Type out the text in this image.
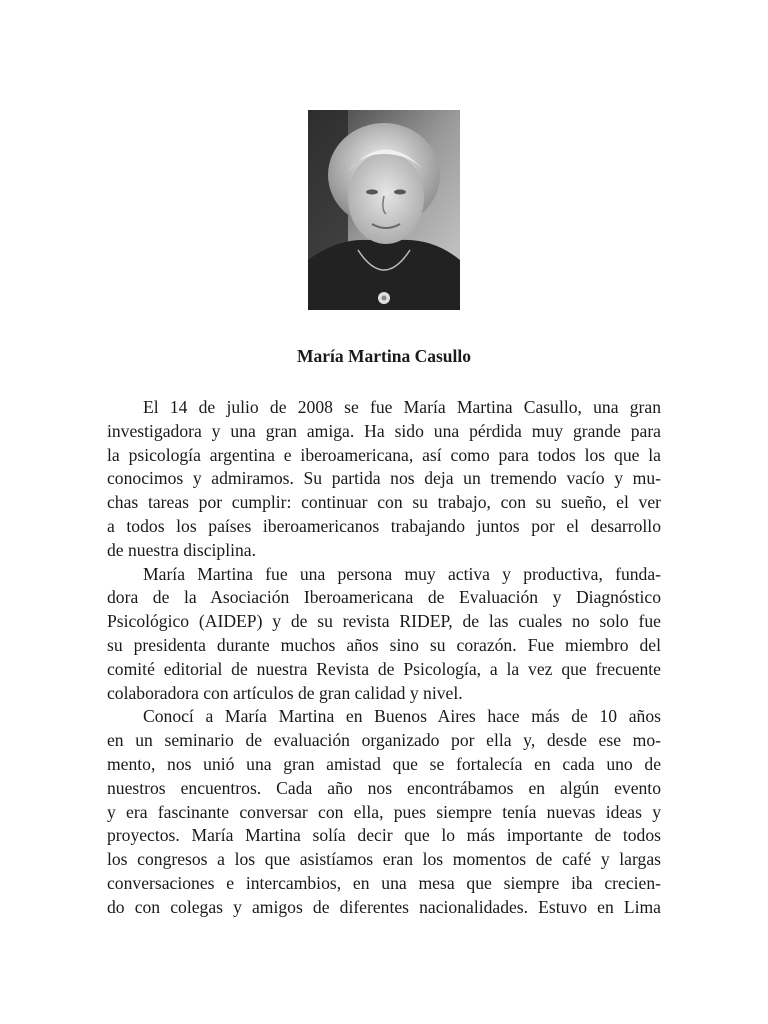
María Martina Casullo
El 14 de julio de 2008 se fue María Martina Casullo, una gran
investigadora y una gran amiga. Ha sido una pérdida muy grande para
la psicología argentina e iberoamericana, así como para todos los que la
conocimos y admiramos. Su partida nos deja un tremendo vacío y mu-
chas tareas por cumplir: continuar con su trabajo, con su sueño, el ver
a todos los países iberoamericanos trabajando juntos por el desarrollo
de nuestra disciplina.
María Martina fue una persona muy activa y productiva, funda-
dora de la Asociación Iberoamericana de Evaluación y Diagnóstico
Psicológico (AIDEP) y de su revista RIDEP, de las cuales no solo fue
su presidenta durante muchos años sino su corazón. Fue miembro del
comité editorial de nuestra Revista de Psicología, a la vez que frecuente
colaboradora con artículos de gran calidad y nivel.
Conocí a María Martina en Buenos Aires hace más de 10 años
en un seminario de evaluación organizado por ella y, desde ese mo-
mento, nos unió una gran amistad que se fortalecía en cada uno de
nuestros encuentros. Cada año nos encontrábamos en algún evento
y era fascinante conversar con ella, pues siempre tenía nuevas ideas y
proyectos. María Martina solía decir que lo más importante de todos
los congresos a los que asistíamos eran los momentos de café y largas
conversaciones e intercambios, en una mesa que siempre iba crecien-
do con colegas y amigos de diferentes nacionalidades. Estuvo en Lima
